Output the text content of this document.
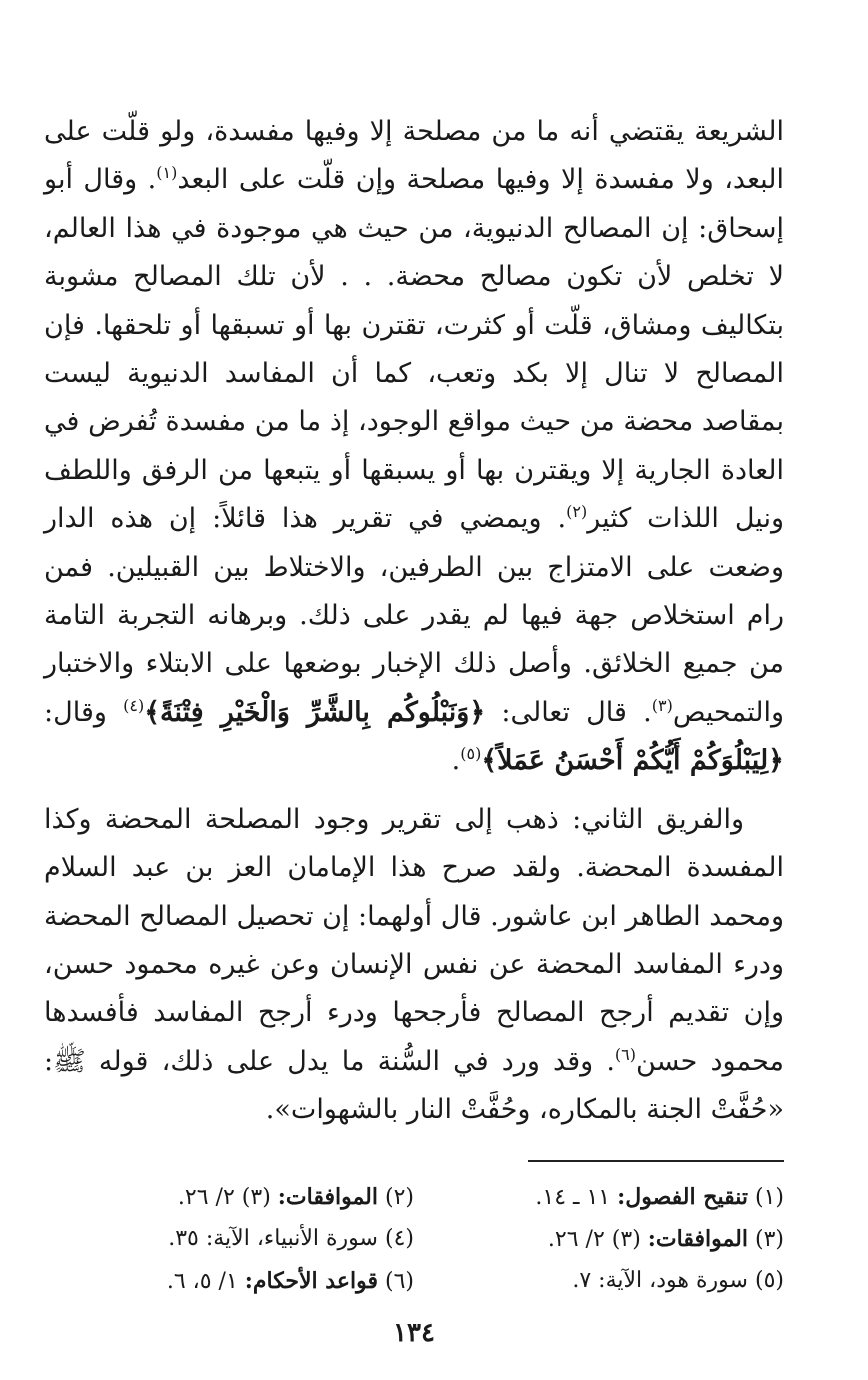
الشريعة يقتضي أنه ما من مصلحة إلا وفيها مفسدة، ولو قلّت على البعد، ولا مفسدة إلا وفيها مصلحة وإن قلّت على البعد$^{(١)}$. وقال أبو إسحاق: إن المصالح الدنيوية، من حيث هي موجودة في هذا العالم، لا تخلص لأن تكون مصالح محضة. . . لأن تلك المصالح مشوبة بتكاليف ومشاق، قلّت أو كثرت، تقترن بها أو تسبقها أو تلحقها. فإن المصالح لا تنال إلا بكد وتعب، كما أن المفاسد الدنيوية ليست بمقاصد محضة من حيث مواقع الوجود، إذ ما من مفسدة تُفرض في العادة الجارية إلا ويقترن بها أو يسبقها أو يتبعها من الرفق واللطف ونيل اللذات كثير$^{(٢)}$. ويمضي في تقرير هذا قائلاً: إن هذه الدار وضعت على الامتزاج بين الطرفين، والاختلاط بين القبيلين. فمن رام استخلاص جهة فيها لم يقدر على ذلك. وبرهانه التجربة التامة من جميع الخلائق. وأصل ذلك الإخبار بوضعها على الابتلاء والاختبار والتمحيص$^{(٣)}$. قال تعالى: ﴿وَنَبْلُوكُم بِالشَّرِّ وَالْخَيْرِ فِتْنَةً﴾$^{(٤)}$ وقال: ﴿لِيَبْلُوَكُمْ أَيُّكُمْ أَحْسَنُ عَمَلاً﴾$^{(٥)}$.

والفريق الثاني: ذهب إلى تقرير وجود المصلحة المحضة وكذا المفسدة المحضة. ولقد صرح هذا الإمامان العز بن عبد السلام ومحمد الطاهر ابن عاشور. قال أولهما: إن تحصيل المصالح المحضة ودرء المفاسد المحضة عن نفس الإنسان وعن غيره محمود حسن، وإن تقديم أرجح المصالح فأرجحها ودرء أرجح المفاسد فأفسدها محمود حسن$^{(٦)}$. وقد ورد في السُّنة ما يدل على ذلك، قوله ﷺ: «حُفَّتْ الجنة بالمكاره، وحُفَّتْ النار بالشهوات».

(١) تنقيح الفصول: ١١ ـ ١٤.
(٢) الموافقات: (٣) ٢/ ٢٦.
(٣) الموافقات: (٣) ٢/ ٢٦.
(٤) سورة الأنبياء، الآية: ٣٥.
(٥) سورة هود، الآية: ٧.
(٦) قواعد الأحكام: ١/ ٥، ٦.
١٣٤
